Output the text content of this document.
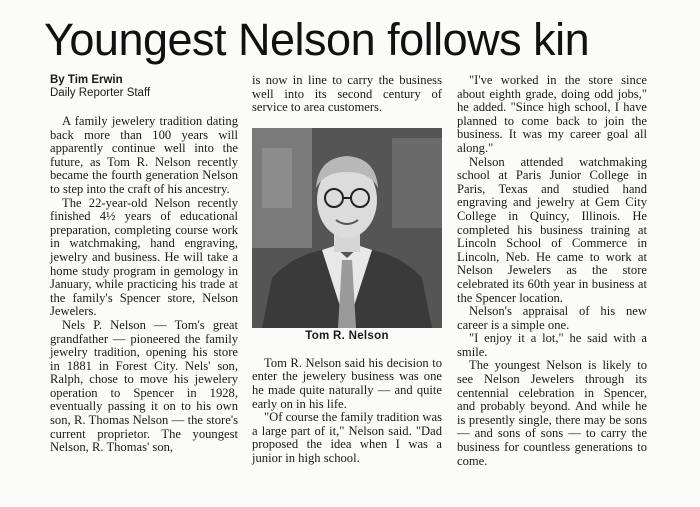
Youngest Nelson follows kin
By Tim Erwin
Daily Reporter Staff

A family jewelery tradition dating back more than 100 years will apparently continue well into the future, as Tom R. Nelson recently became the fourth generation Nelson to step into the craft of his ancestry.

The 22-year-old Nelson recently finished 4½ years of educational preparation, completing course work in watchmaking, hand engraving, jewelry and business. He will take a home study program in gemology in January, while practicing his trade at the family's Spencer store, Nelson Jewelers.

Nels P. Nelson — Tom's great grandfather — pioneered the family jewelry tradition, opening his store in 1881 in Forest City. Nels' son, Ralph, chose to move his jewelery operation to Spencer in 1928, eventually passing it on to his own son, R. Thomas Nelson — the store's current proprietor. The youngest Nelson, R. Thomas' son,

is now in line to carry the business well into its second century of service to area customers.

Tom R. Nelson

Tom R. Nelson said his decision to enter the jewelery business was one he made quite naturally — and quite early on in his life.

"Of course the family tradition was a large part of it," Nelson said. "Dad proposed the idea when I was a junior in high school.

"I've worked in the store since about eighth grade, doing odd jobs," he added. "Since high school, I have planned to come back to join the business. It was my career goal all along."

Nelson attended watchmaking school at Paris Junior College in Paris, Texas and studied hand engraving and jewelry at Gem City College in Quincy, Illinois. He completed his business training at Lincoln School of Commerce in Lincoln, Neb. He came to work at Nelson Jewelers as the store celebrated its 60th year in business at the Spencer location.

Nelson's appraisal of his new career is a simple one.

"I enjoy it a lot," he said with a smile.

The youngest Nelson is likely to see Nelson Jewelers through its centennial celebration in Spencer, and probably beyond. And while he is presently single, there may be sons — and sons of sons — to carry the business for countless generations to come.
